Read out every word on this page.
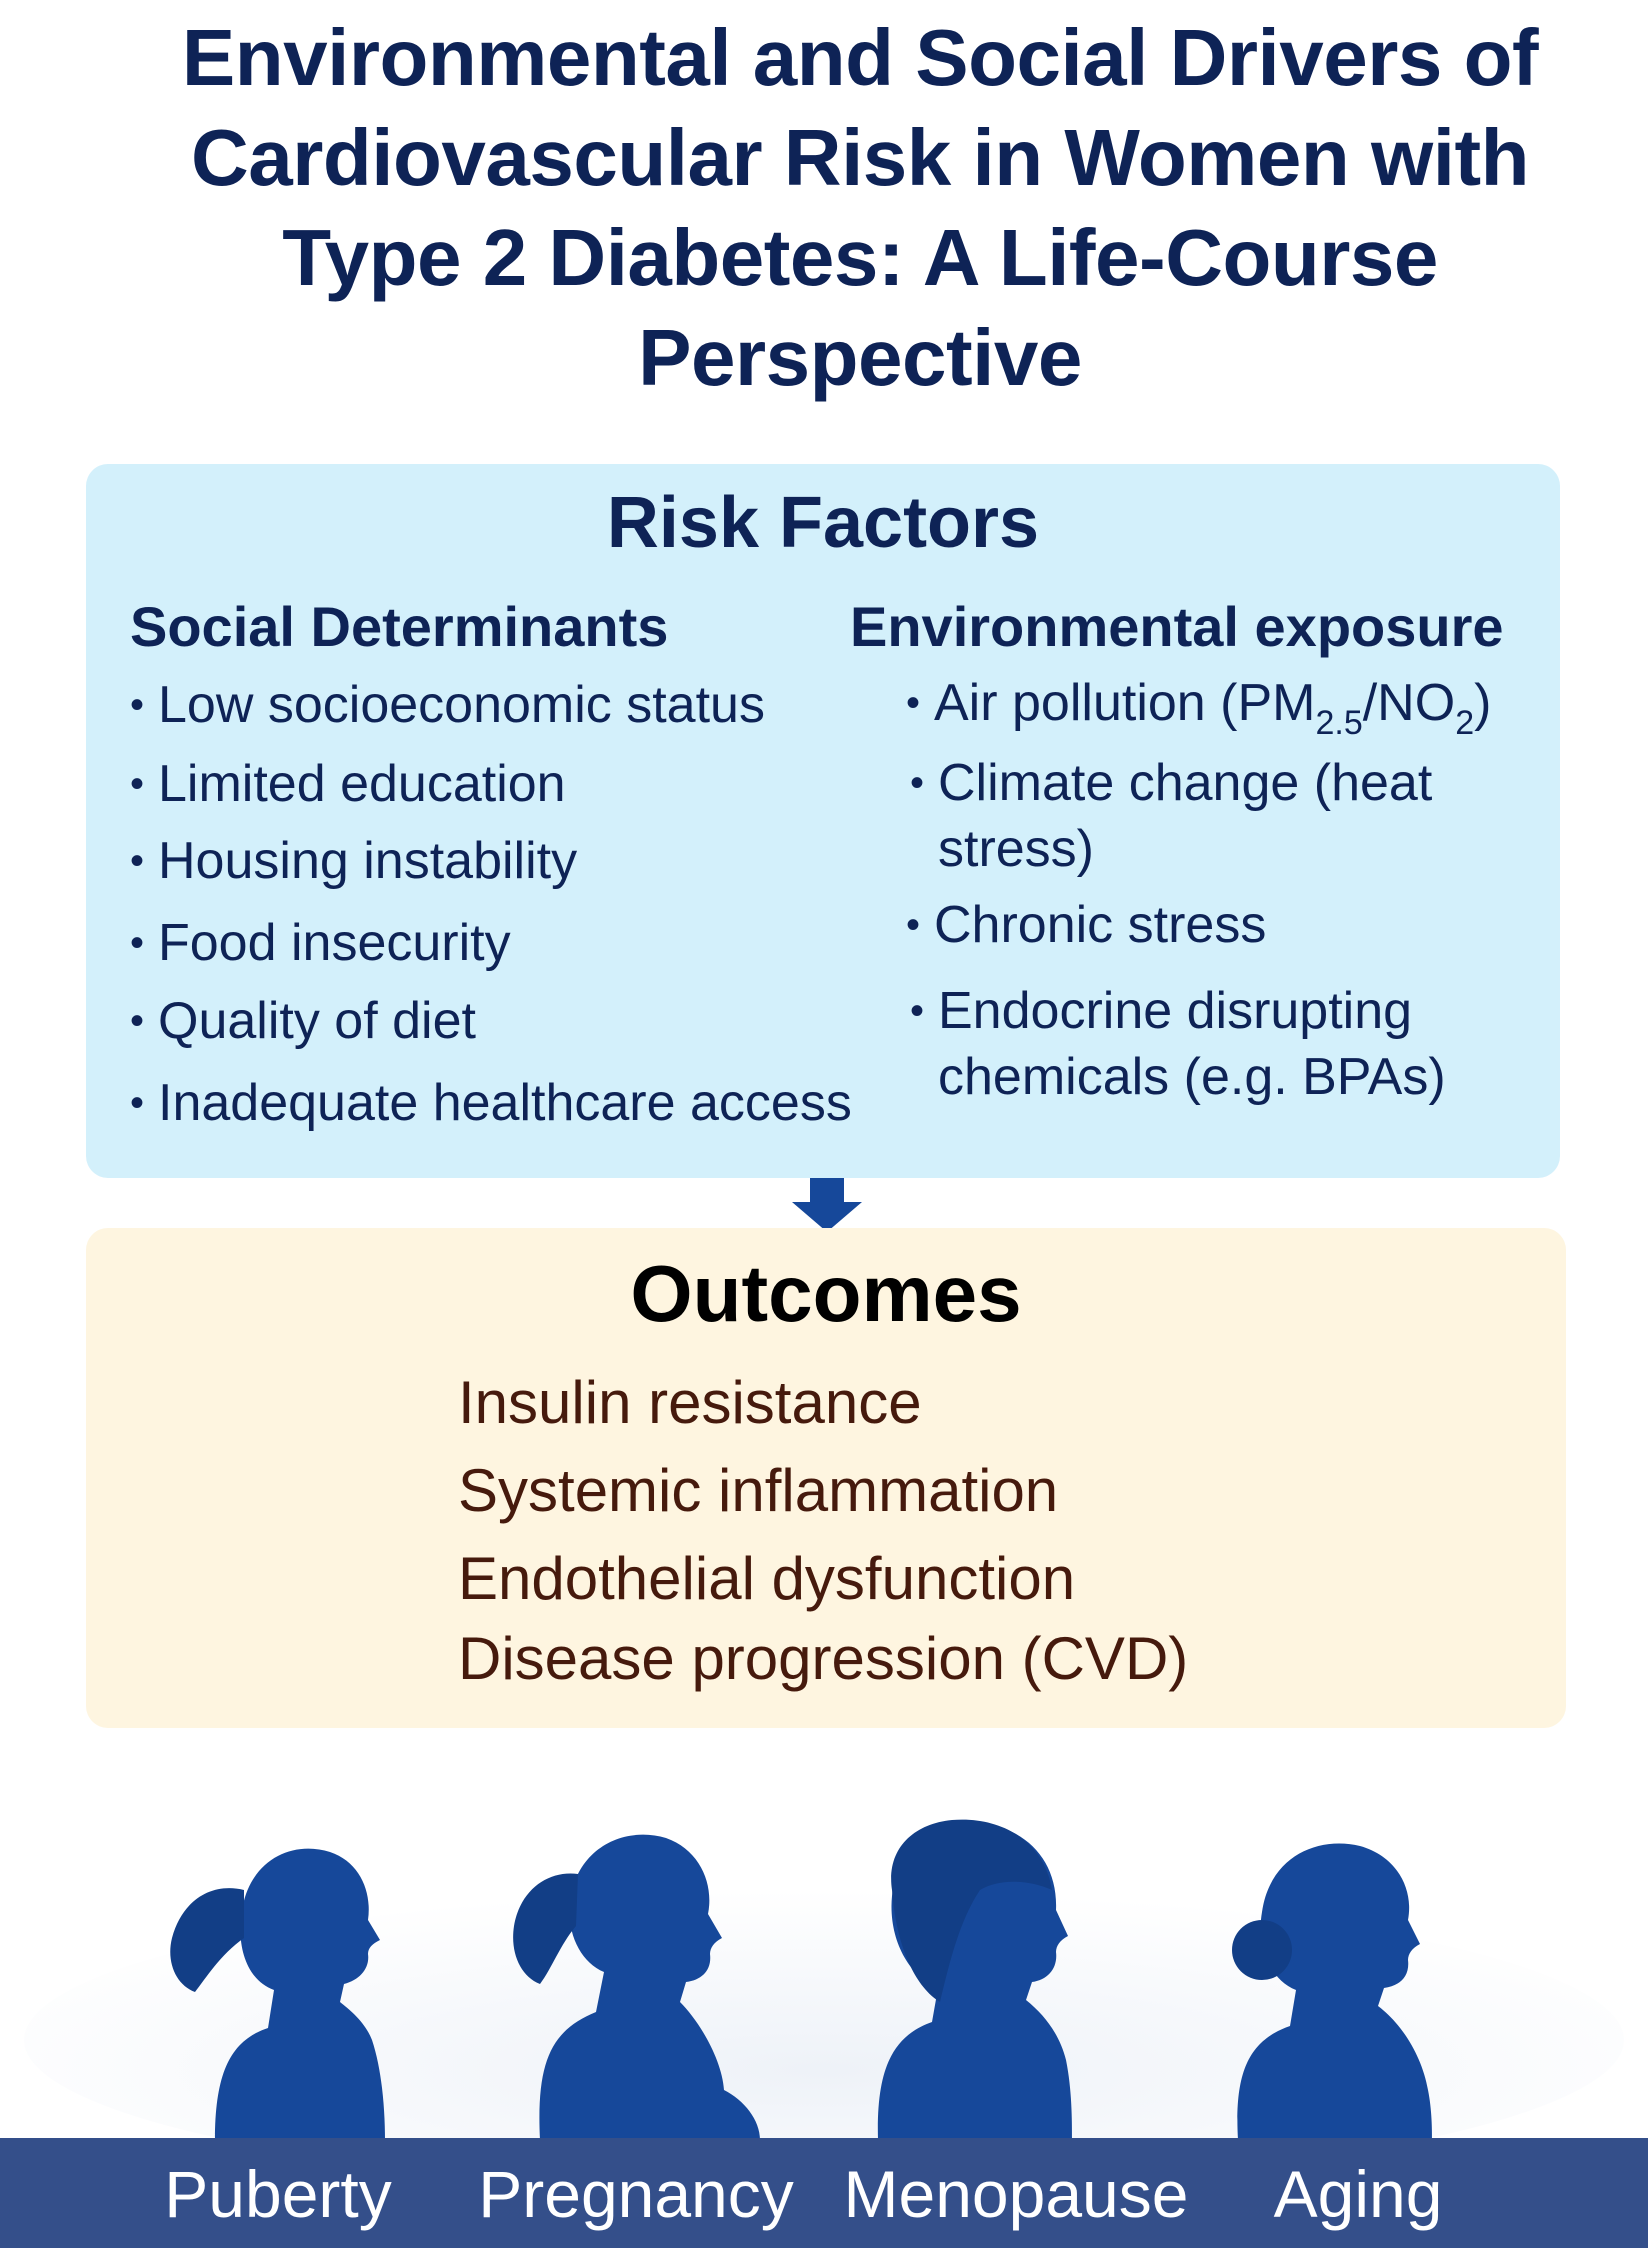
Environmental and Social Drivers of Cardiovascular Risk in Women with Type 2 Diabetes: A Life-Course Perspective
Risk Factors
Social Determinants
• Low socioeconomic status
• Limited education
• Housing instability
• Food insecurity
• Quality of diet
• Inadequate healthcare access
Environmental exposure
• Air pollution $(PM_{2.5}/NO_2)$
• Climate change (heat
stress)
• Chronic stress
• Endocrine disrupting
chemicals (e.g. BPAs)
Outcomes
Insulin resistance
Systemic inflammation
Endothelial dysfunction
Disease progression (CVD)
Puberty Pregnancy Menopause Aging
